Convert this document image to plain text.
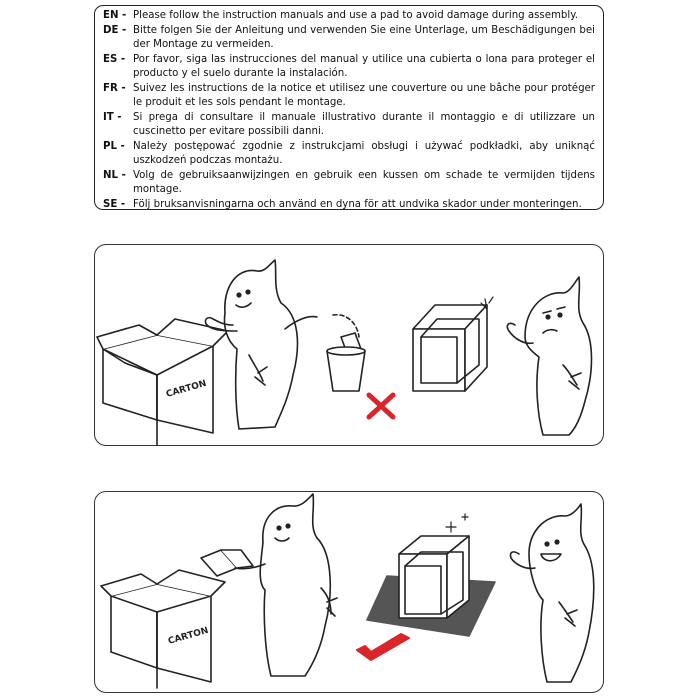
EN - Please follow the instruction manuals and use a pad to avoid damage during assembly.
DE - Bitte folgen Sie der Anleitung und verwenden Sie eine Unterlage, um Beschädigungen bei der Montage zu vermeiden.
ES - Por favor, siga las instrucciones del manual y utilice una cubierta o lona para proteger el producto y el suelo durante la instalación.
FR - Suivez les instructions de la notice et utilisez une couverture ou une bâche pour protéger le produit et les sols pendant le montage.
IT -	Si prega di consultare il manuale illustrativo durante il montaggio e di utilizzare un cuscinetto per evitare possibili danni.
PL - Należy postępować zgodnie z instrukcjami obsługi i używać podkładki, aby uniknąć uszkodzeń podczas montażu.
NL - Volg de gebruiksaanwijzingen en gebruik een kussen om schade te vermijden tijdens montage.
SE - Följ bruksanvisningarna och använd en dyna för att undvika skador under monteringen.
CARTON
CARTON
